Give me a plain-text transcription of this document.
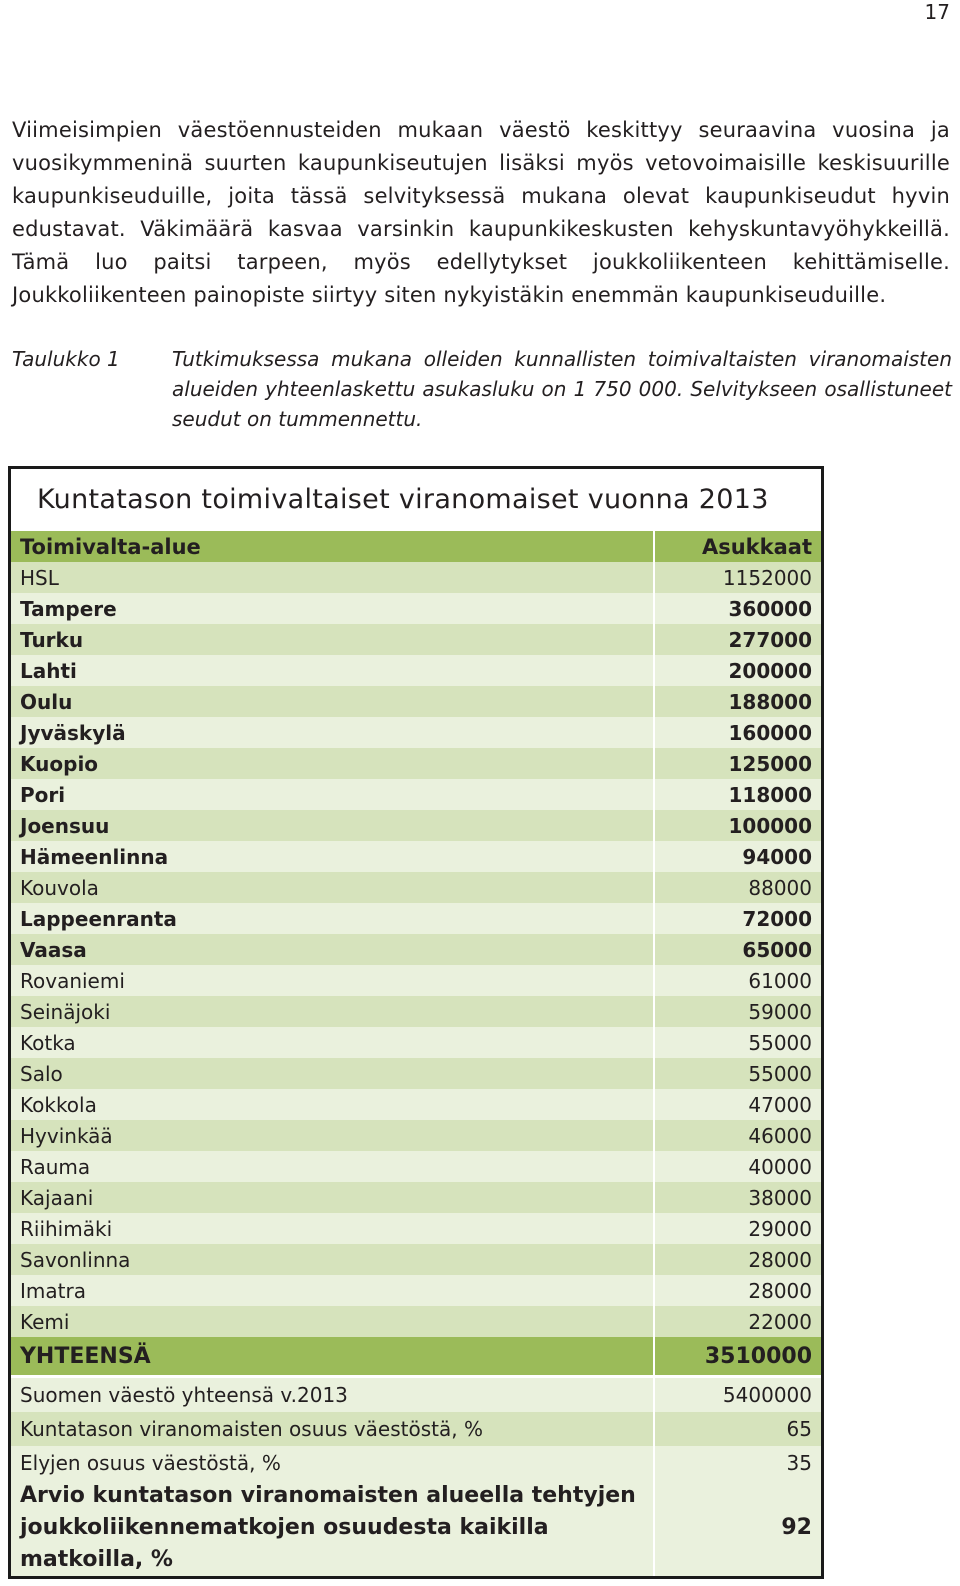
17

Viimeisimpien väestöennusteiden mukaan väestö keskittyy seuraavina vuosina ja vuosikymmeninä suurten kaupunkiseutujen lisäksi myös vetovoimaisille keskisuurille kaupunkiseuduille, joita tässä selvityksessä mukana olevat kaupunkiseudut hyvin edustavat. Väkimäärä kasvaa varsinkin kaupunkikeskusten kehyskuntavyöhykkeillä. Tämä luo paitsi tarpeen, myös edellytykset joukkoliikenteen kehittämiselle. Joukkoliikenteen painopiste siirtyy siten nykyistäkin enemmän kaupunkiseuduille.

Taulukko 1	Tutkimuksessa mukana olleiden kunnallisten toimivaltaisten viranomaisten alueiden yhteenlaskettu asukasluku on 1 750 000. Selvitykseen osallistuneet seudut on tummennettu.
Kuntatason toimivaltaiset viranomaiset vuonna 2013
Toimivalta-alue	Asukkaat
HSL	1152000
Tampere	360000
Turku	277000
Lahti	200000
Oulu	188000
Jyväskylä	160000
Kuopio	125000
Pori	118000
Joensuu	100000
Hämeenlinna	94000
Kouvola	88000
Lappeenranta	72000
Vaasa	65000
Rovaniemi	61000
Seinäjoki	59000
Kotka	55000
Salo	55000
Kokkola	47000
Hyvinkää	46000
Rauma	40000
Kajaani	38000
Riihimäki	29000
Savonlinna	28000
Imatra	28000
Kemi	22000
YHTEENSÄ	3510000

Suomen väestö yhteensä v.2013	5400000
Kuntatason viranomaisten osuus väestöstä, %	65
Elyjen osuus väestöstä, %	35
Arvio kuntatason viranomaisten alueella tehtyjen joukkoliikennematkojen osuudesta kaikilla matkoilla, %	92
